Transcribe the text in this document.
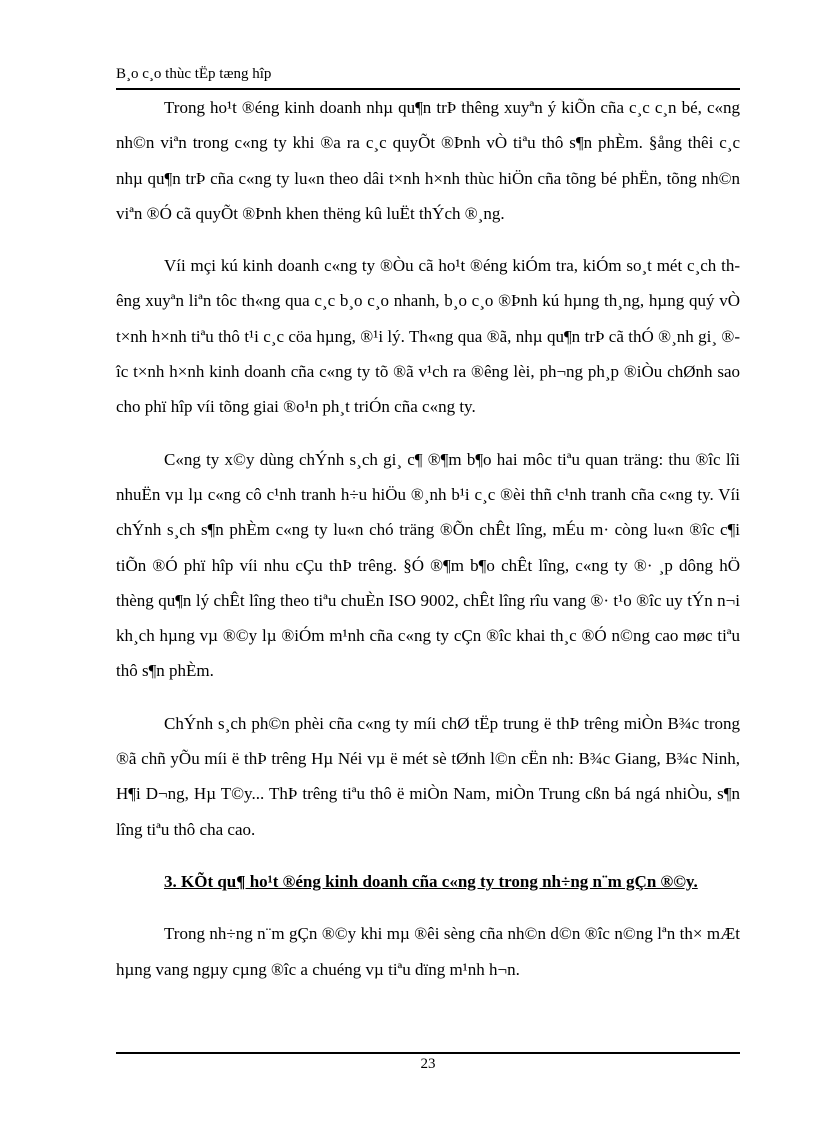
B¸o c¸o thùc tËp tæng hîp

Trong ho¹t ®éng kinh doanh nhµ qu¶n trÞ thêng xuyªn ý kiÕn cña c¸c c¸n bé, c«ng nh©n viªn trong c«ng ty khi ®a ra c¸c quyÕt ®Þnh vÒ tiªu thô s¶n phÈm. §ång thêi c¸c nhµ qu¶n trÞ cña c«ng ty lu«n theo dâi t×nh h×nh thùc hiÖn cña tõng bé phËn, tõng nh©n viªn ®Ó cã quyÕt ®Þnh khen thëng kû luËt thÝch ®¸ng.

Víi mçi kú kinh doanh c«ng ty ®Òu cã ho¹t ®éng kiÓm tra, kiÓm so¸t mét c¸ch thêng xuyªn liªn tôc th«ng qua c¸c b¸o c¸o nhanh, b¸o c¸o ®Þnh kú hµng th¸ng, hµng quý vÒ t×nh h×nh tiªu thô t¹i c¸c cöa hµng, ®¹i lý. Th«ng qua ®ã, nhµ qu¶n trÞ cã thÓ ®¸nh gi¸ ®îc t×nh h×nh kinh doanh cña c«ng ty tõ ®ã v¹ch ra ®êng lèi, ph¬ng ph¸p ®iÒu chØnh sao cho phï hîp víi tõng giai ®o¹n ph¸t triÓn cña c«ng ty.

C«ng ty x©y dùng chÝnh s¸ch gi¸ c¶ ®¶m b¶o hai môc tiªu quan träng: thu ®îc lîi nhuËn vµ lµ c«ng cô c¹nh tranh h÷u hiÖu ®¸nh b¹i c¸c ®èi thñ c¹nh tranh cña c«ng ty. Víi chÝnh s¸ch s¶n phÈm c«ng ty lu«n chó träng ®Õn chÊt lîng, mÉu m· còng lu«n ®îc c¶i tiÕn ®Ó phï hîp víi nhu cÇu thÞ trêng. §Ó ®¶m b¶o chÊt lîng, c«ng ty ®· ¸p dông hÖ thèng qu¶n lý chÊt lîng theo tiªu chuÈn ISO 9002, chÊt lîng rîu vang ®· t¹o ®îc uy tÝn n¬i kh¸ch hµng vµ ®©y lµ ®iÓm m¹nh cña c«ng ty cÇn ®îc khai th¸c ®Ó n©ng cao møc tiªu thô s¶n phÈm.

ChÝnh s¸ch ph©n phèi cña c«ng ty míi chØ tËp trung ë thÞ trêng miÒn B¾c trong ®ã chñ yÕu míi ë thÞ trêng Hµ Néi vµ ë mét sè tØnh l©n cËn nh: B¾c Giang, B¾c Ninh, H¶i D¬ng, Hµ T©y... ThÞ trêng tiªu thô ë miÒn Nam, miÒn Trung cßn bá ngá nhiÒu, s¶n lîng tiªu thô cha cao.

3. KÕt qu¶ ho¹t ®éng kinh doanh cña c«ng ty trong nh÷ng n¨m gÇn ®©y.

Trong nh÷ng n¨m gÇn ®©y khi mµ ®êi sèng cña nh©n d©n ®îc n©ng lªn th× mÆt hµng vang ngµy cµng ®îc a chuéng vµ tiªu dïng m¹nh h¬n.

23
